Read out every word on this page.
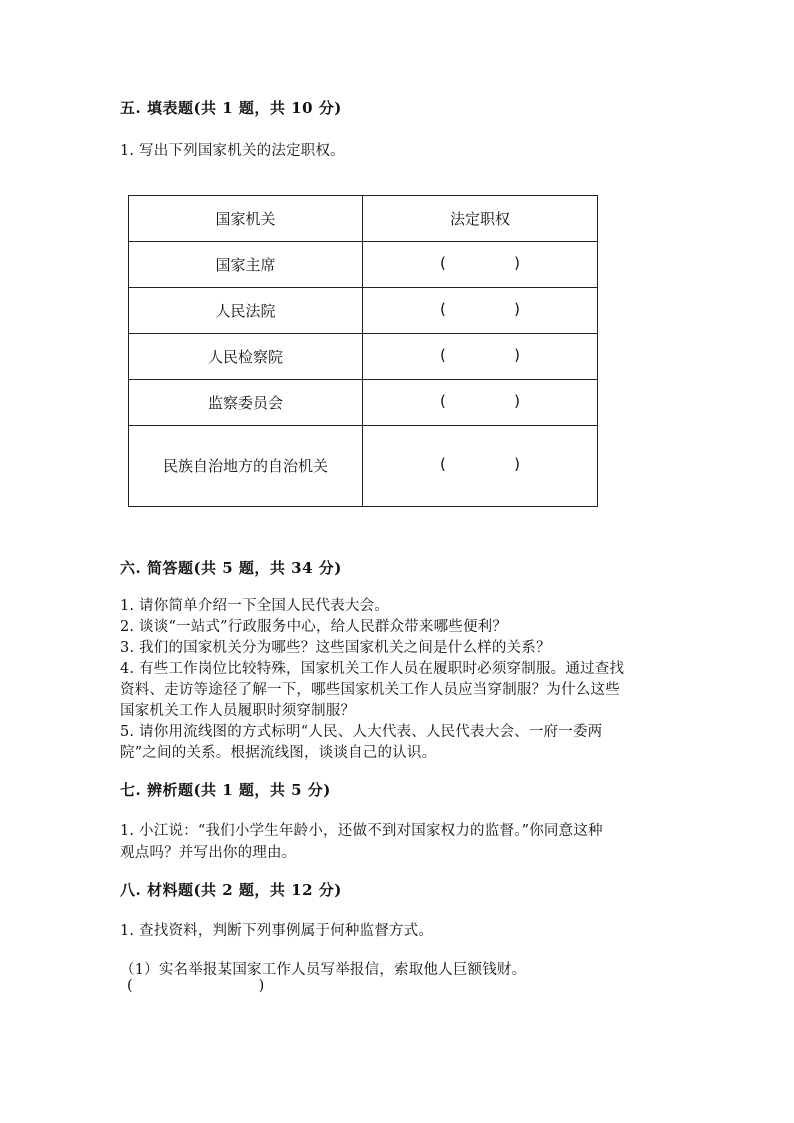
五. 填表题(共 1 题，共 10 分)
1. 写出下列国家机关的法定职权。
国家机关	法定职权
国家主席	( )

人民法院	( )

人民检察院	( )

监察委员会	( )

民族自治地方的自治机关	( )
六. 简答题(共 5 题，共 34 分)
1. 请你简单介绍一下全国人民代表大会。
2. 谈谈“一站式”行政服务中心，给人民群众带来哪些便利？
3. 我们的国家机关分为哪些？这些国家机关之间是什么样的关系？
4. 有些工作岗位比较特殊，国家机关工作人员在履职时必须穿制服。通过查找
资料、走访等途径了解一下，哪些国家机关工作人员应当穿制服？为什么这些
国家机关工作人员履职时须穿制服？
5. 请你用流线图的方式标明“人民、人大代表、人民代表大会、一府一委两
院”之间的关系。根据流线图，谈谈自己的认识。
七. 辨析题(共 1 题，共 5 分)
1. 小江说：“我们小学生年龄小，还做不到对国家权力的监督。”你同意这种
观点吗？并写出你的理由。
八. 材料题(共 2 题，共 12 分)
1. 查找资料，判断下列事例属于何种监督方式。
（1）实名举报某国家工作人员写举报信，索取他人巨额钱财。
(	)
